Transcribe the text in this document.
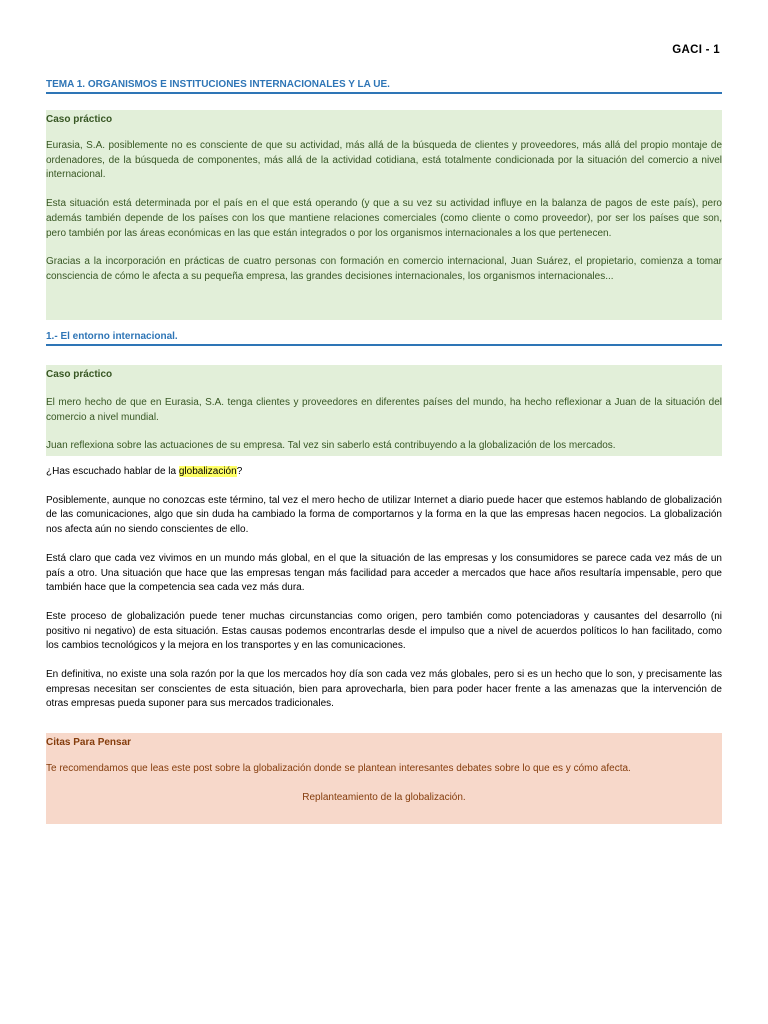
GACI - 1
TEMA 1. ORGANISMOS E INSTITUCIONES INTERNACIONALES Y LA UE.
Caso práctico

Eurasia, S.A. posiblemente no es consciente de que su actividad, más allá de la búsqueda de clientes y proveedores, más allá del propio montaje de ordenadores, de la búsqueda de componentes, más allá de la actividad cotidiana, está totalmente condicionada por la situación del comercio a nivel internacional.

Esta situación está determinada por el país en el que está operando (y que a su vez su actividad influye en la balanza de pagos de este país), pero además también depende de los países con los que mantiene relaciones comerciales (como cliente o como proveedor), por ser los países que son, pero también por las áreas económicas en las que están integrados o por los organismos internacionales a los que pertenecen.

Gracias a la incorporación en prácticas de cuatro personas con formación en comercio internacional, Juan Suárez, el propietario, comienza a tomar consciencia de cómo le afecta a su pequeña empresa, las grandes decisiones internacionales, los organismos internacionales...

1.- El entorno internacional.
Caso práctico

El mero hecho de que en Eurasia, S.A. tenga clientes y proveedores en diferentes países del mundo, ha hecho reflexionar a Juan de la situación del comercio a nivel mundial.

Juan reflexiona sobre las actuaciones de su empresa. Tal vez sin saberlo está contribuyendo a la globalización de los mercados.

¿Has escuchado hablar de la globalización?

Posiblemente, aunque no conozcas este término, tal vez el mero hecho de utilizar Internet a diario puede hacer que estemos hablando de globalización de las comunicaciones, algo que sin duda ha cambiado la forma de comportarnos y la forma en la que las empresas hacen negocios. La globalización nos afecta aún no siendo conscientes de ello.

Está claro que cada vez vivimos en un mundo más global, en el que la situación de las empresas y los consumidores se parece cada vez más de un país a otro. Una situación que hace que las empresas tengan más facilidad para acceder a mercados que hace años resultaría impensable, pero que también hace que la competencia sea cada vez más dura.

Este proceso de globalización puede tener muchas circunstancias como origen, pero también como potenciadoras y causantes del desarrollo (ni positivo ni negativo) de esta situación. Estas causas podemos encontrarlas desde el impulso que a nivel de acuerdos políticos lo han facilitado, como los cambios tecnológicos y la mejora en los transportes y en las comunicaciones.

En definitiva, no existe una sola razón por la que los mercados hoy día son cada vez más globales, pero si es un hecho que lo son, y precisamente las empresas necesitan ser conscientes de esta situación, bien para aprovecharla, bien para poder hacer frente a las amenazas que la intervención de otras empresas pueda suponer para sus mercados tradicionales.

Citas Para Pensar

Te recomendamos que leas este post sobre la globalización donde se plantean interesantes debates sobre lo que es y cómo afecta.

Replanteamiento de la globalización.
